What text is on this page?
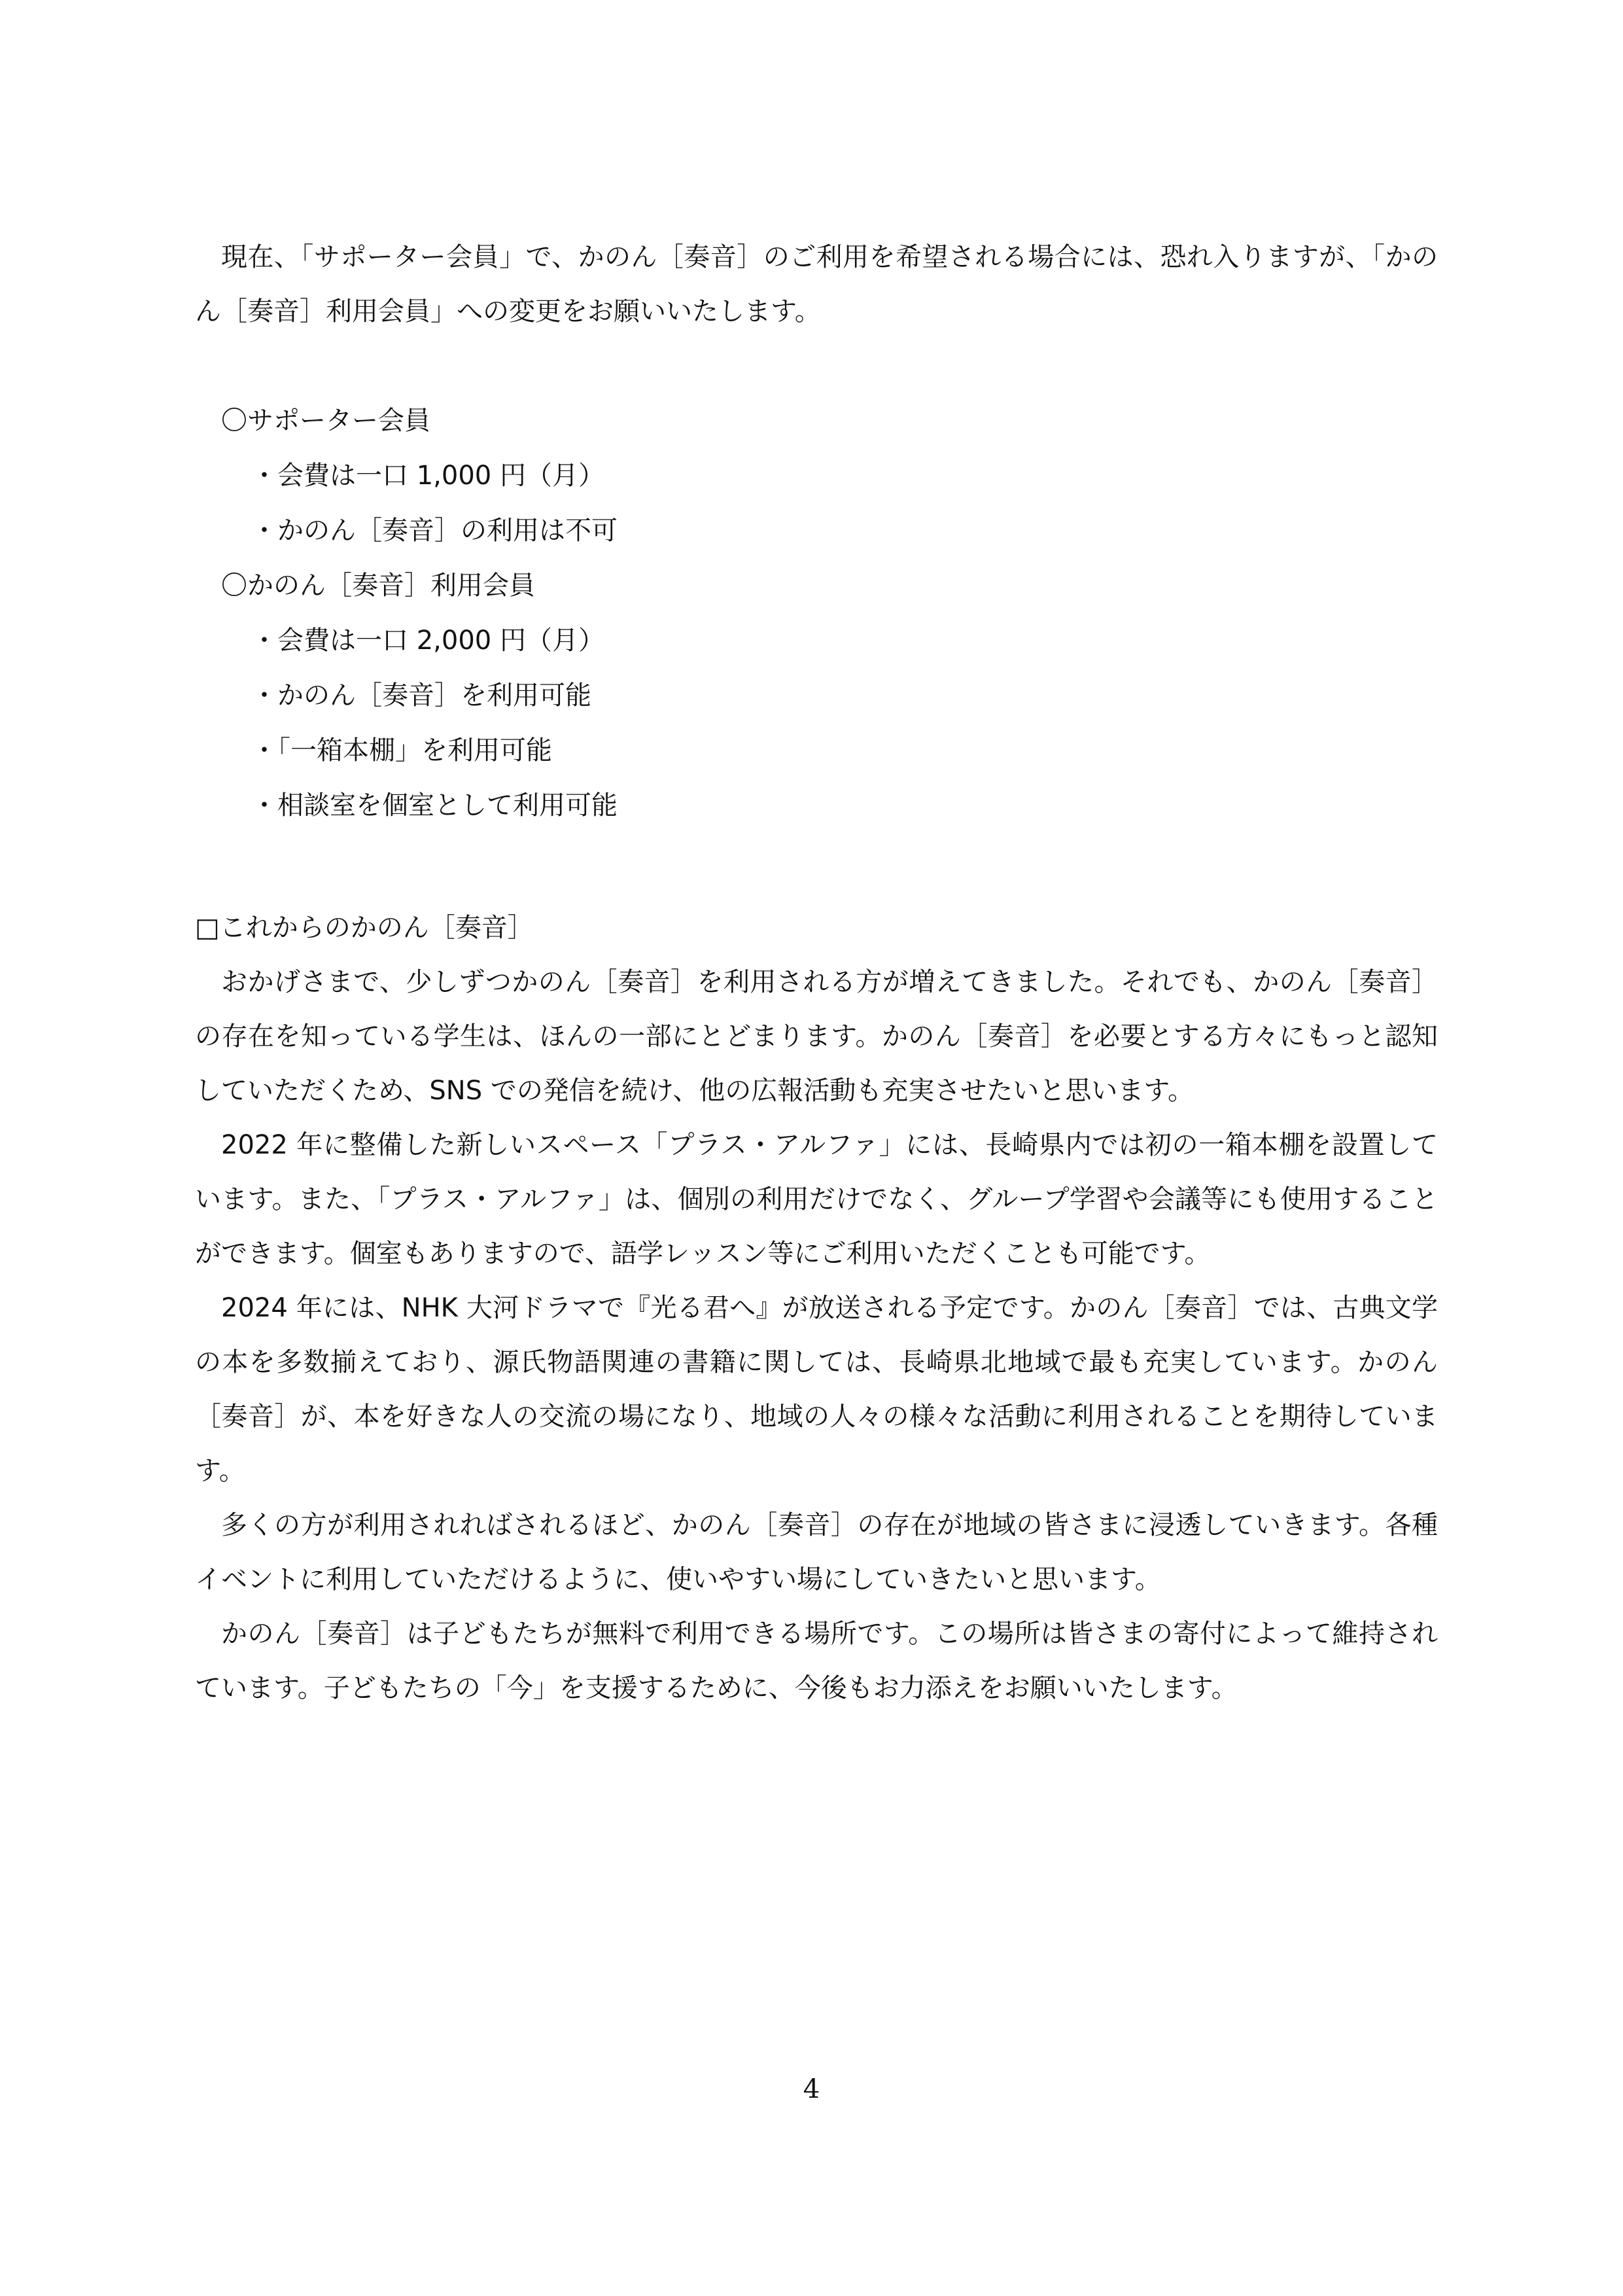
現在、「サポーター会員」で、かのん［奏音］のご利用を希望される場合には、恐れ入りますが、「かのん［奏音］利用会員」への変更をお願いいたします。

〇サポーター会員
・会費は一口 1,000 円（月）
・かのん［奏音］の利用は不可
〇かのん［奏音］利用会員
・会費は一口 2,000 円（月）
・かのん［奏音］を利用可能
・「一箱本棚」を利用可能
・相談室を個室として利用可能
□これからのかのん［奏音］

おかげさまで、少しずつかのん［奏音］を利用される方が増えてきました。それでも、かのん［奏音］の存在を知っている学生は、ほんの一部にとどまります。かのん［奏音］を必要とする方々にもっと認知していただくため、SNS での発信を続け、他の広報活動も充実させたいと思います。

2022 年に整備した新しいスペース「プラス・アルファ」には、長崎県内では初の一箱本棚を設置しています。また、「プラス・アルファ」は、個別の利用だけでなく、グループ学習や会議等にも使用することができます。個室もありますので、語学レッスン等にご利用いただくことも可能です。

2024 年には、NHK 大河ドラマで『光る君へ』が放送される予定です。かのん［奏音］では、古典文学の本を多数揃えており、源氏物語関連の書籍に関しては、長崎県北地域で最も充実しています。かのん［奏音］が、本を好きな人の交流の場になり、地域の人々の様々な活動に利用されることを期待しています。

多くの方が利用されればされるほど、かのん［奏音］の存在が地域の皆さまに浸透していきます。各種イベントに利用していただけるように、使いやすい場にしていきたいと思います。

かのん［奏音］は子どもたちが無料で利用できる場所です。この場所は皆さまの寄付によって維持されています。子どもたちの「今」を支援するために、今後もお力添えをお願いいたします。

4
